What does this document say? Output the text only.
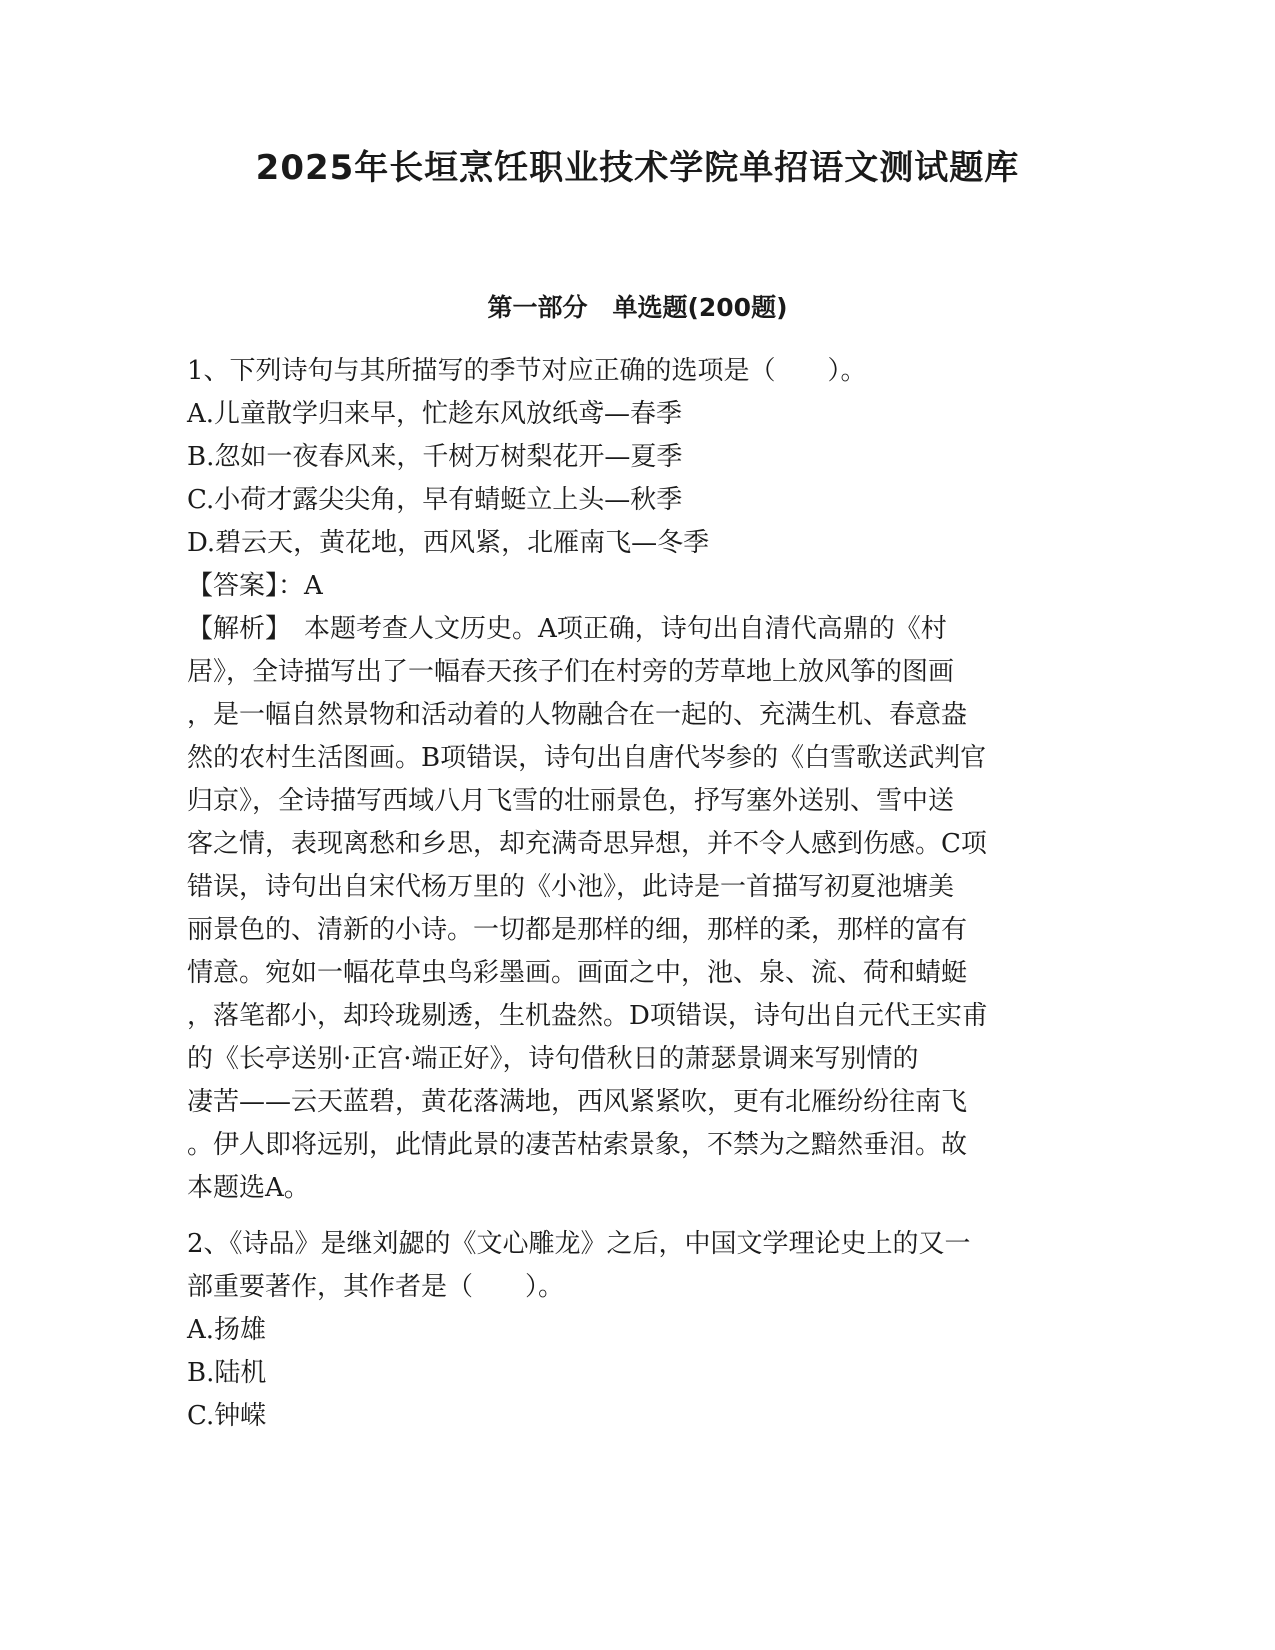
2025年长垣烹饪职业技术学院单招语文测试题库
第一部分　单选题(200题)
1、下列诗句与其所描写的季节对应正确的选项是（　　）。
A.儿童散学归来早，忙趁东风放纸鸢—春季
B.忽如一夜春风来，千树万树梨花开—夏季
C.小荷才露尖尖角，早有蜻蜓立上头—秋季
D.碧云天，黄花地，西风紧，北雁南飞—冬季
【答案】：A
【解析】　本题考查人文历史。A项正确，诗句出自清代高鼎的《村
居》，全诗描写出了一幅春天孩子们在村旁的芳草地上放风筝的图画
，是一幅自然景物和活动着的人物融合在一起的、充满生机、春意盎
然的农村生活图画。B项错误，诗句出自唐代岑参的《白雪歌送武判官
归京》，全诗描写西域八月飞雪的壮丽景色，抒写塞外送别、雪中送
客之情，表现离愁和乡思，却充满奇思异想，并不令人感到伤感。C项
错误，诗句出自宋代杨万里的《小池》，此诗是一首描写初夏池塘美
丽景色的、清新的小诗。一切都是那样的细，那样的柔，那样的富有
情意。宛如一幅花草虫鸟彩墨画。画面之中，池、泉、流、荷和蜻蜓
，落笔都小，却玲珑剔透，生机盎然。D项错误，诗句出自元代王实甫
的《长亭送别·正宫·端正好》，诗句借秋日的萧瑟景调来写别情的
凄苦——云天蓝碧，黄花落满地，西风紧紧吹，更有北雁纷纷往南飞
。伊人即将远别，此情此景的凄苦枯索景象，不禁为之黯然垂泪。故
本题选A。
2、《诗品》是继刘勰的《文心雕龙》之后，中国文学理论史上的又一
部重要著作，其作者是（　　）。
A.扬雄
B.陆机
C.钟嵘
